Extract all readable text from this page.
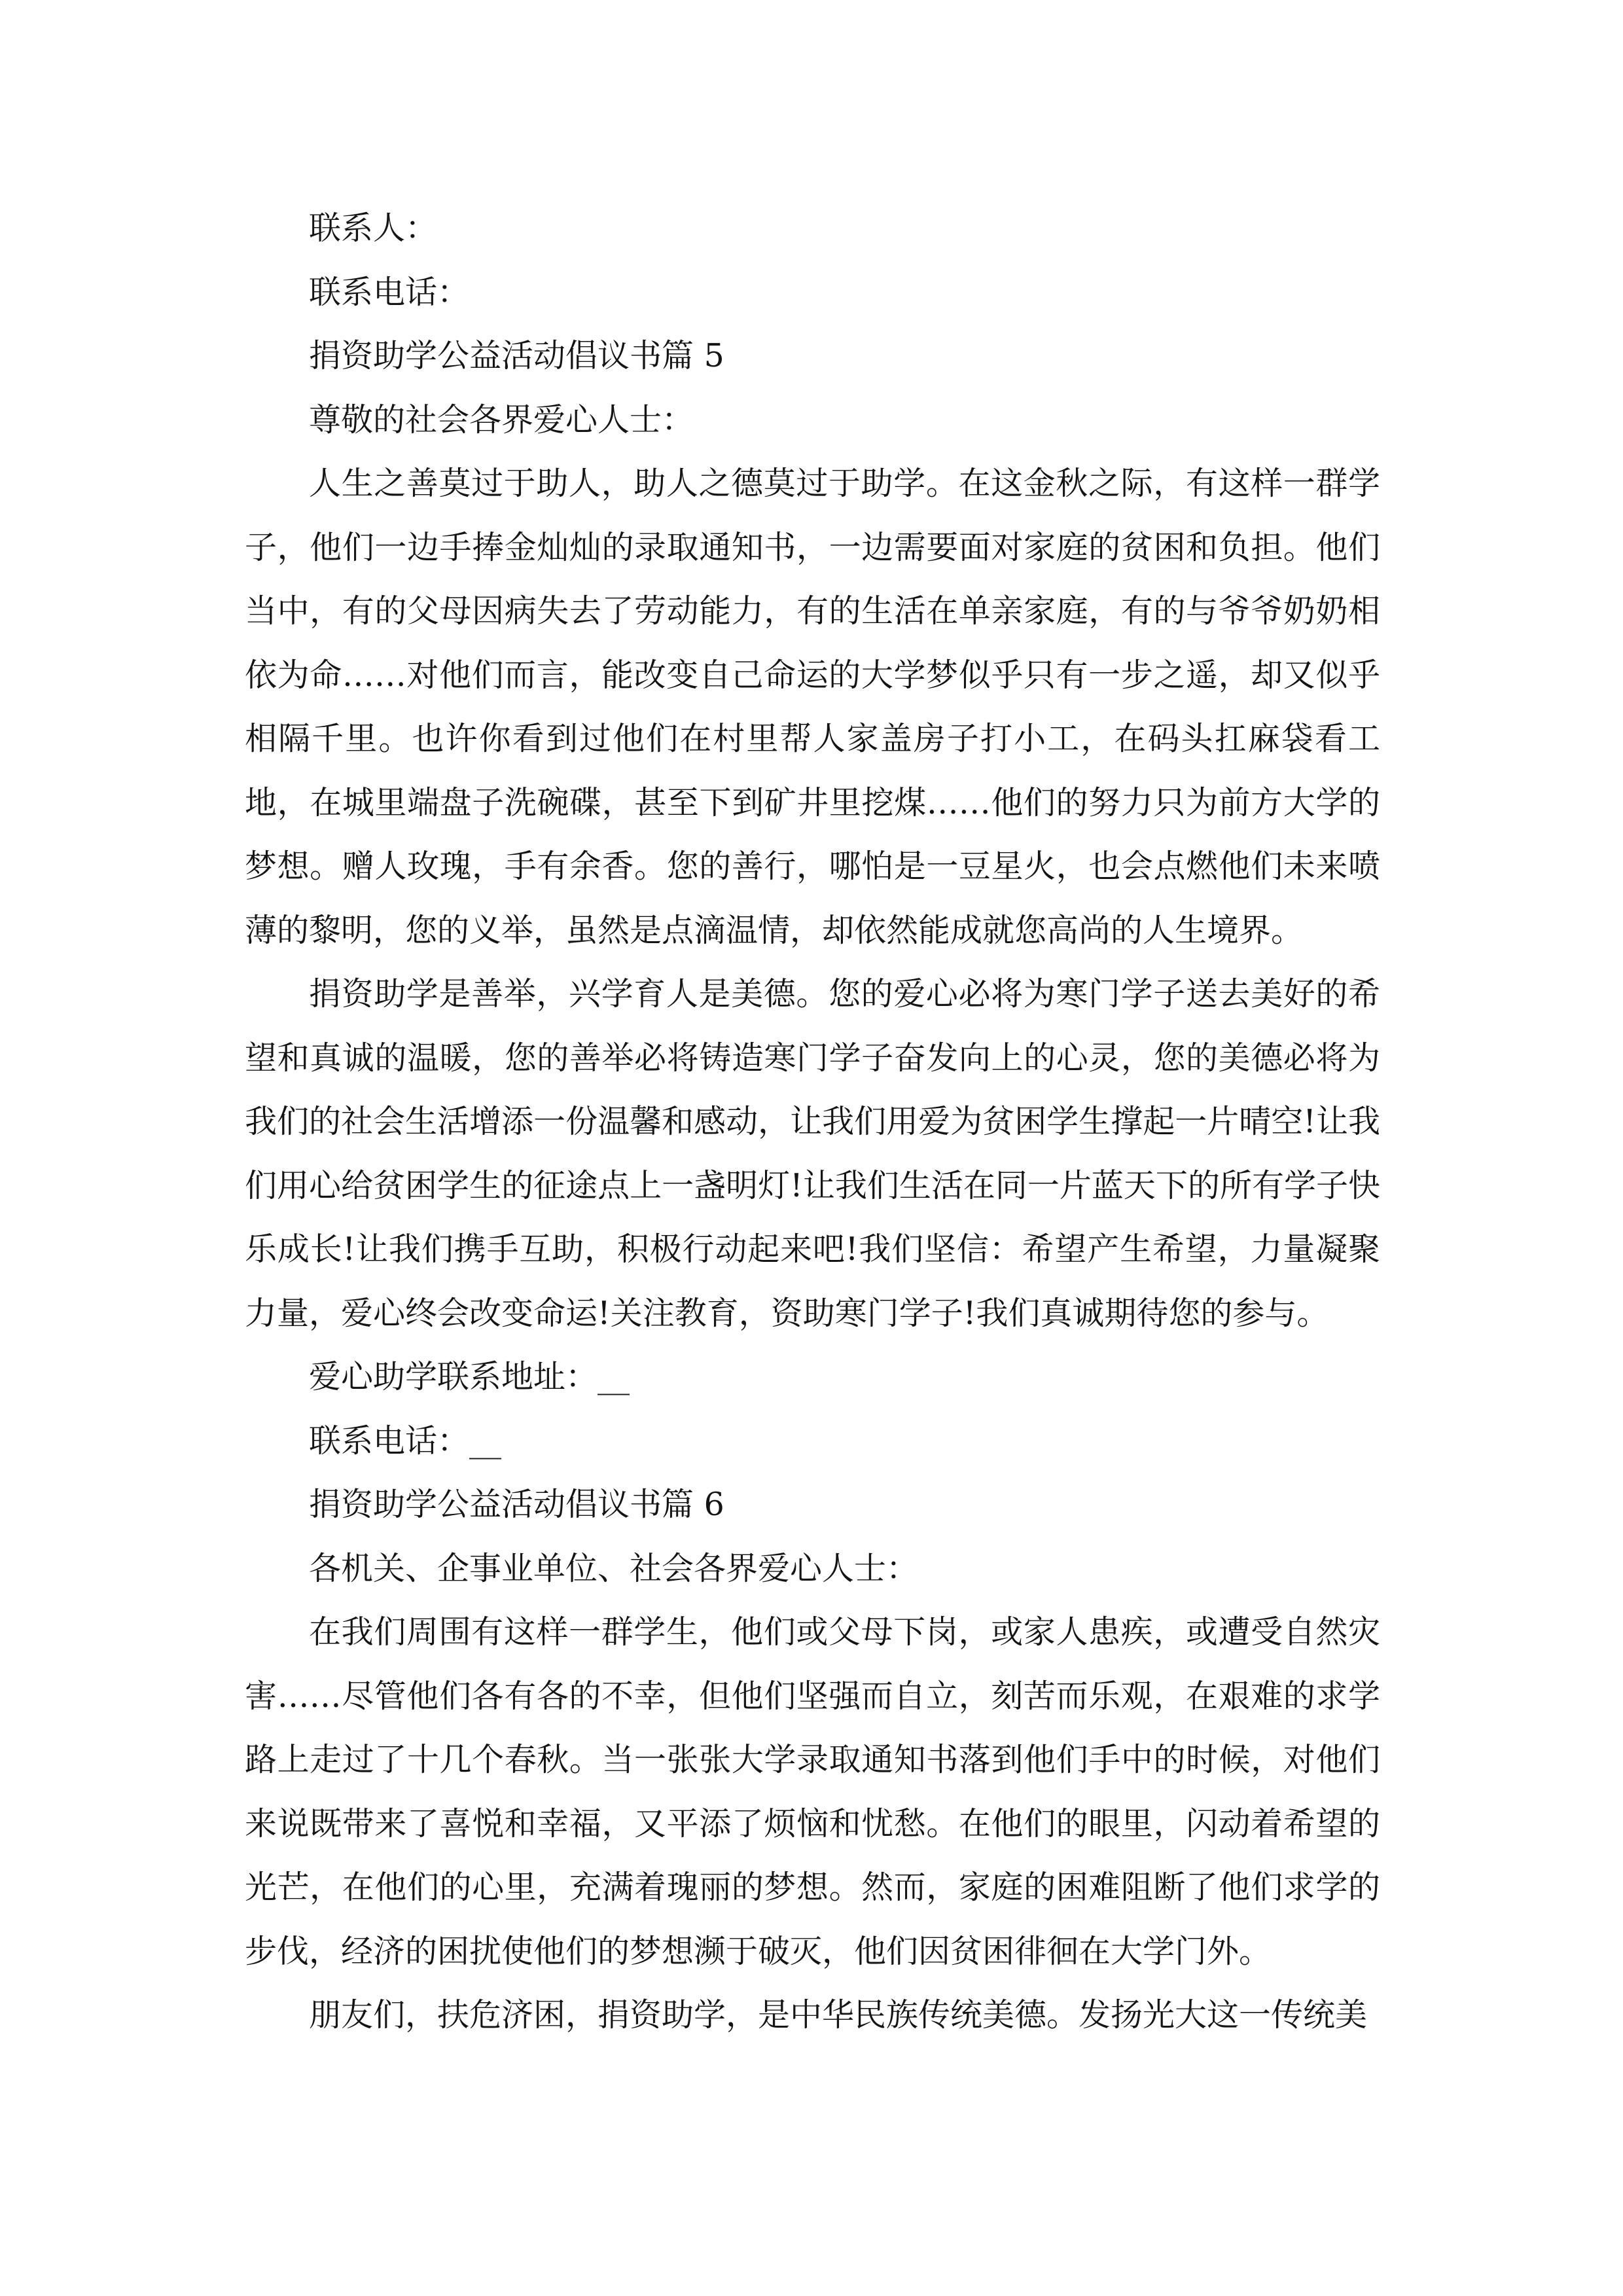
联系人：

联系电话：

捐资助学公益活动倡议书篇 5

尊敬的社会各界爱心人士：

人生之善莫过于助人，助人之德莫过于助学。在这金秋之际，有这样一群学子，他们一边手捧金灿灿的录取通知书，一边需要面对家庭的贫困和负担。他们当中，有的父母因病失去了劳动能力，有的生活在单亲家庭，有的与爷爷奶奶相依为命……对他们而言，能改变自己命运的大学梦似乎只有一步之遥，却又似乎相隔千里。也许你看到过他们在村里帮人家盖房子打小工，在码头扛麻袋看工地，在城里端盘子洗碗碟，甚至下到矿井里挖煤……他们的努力只为前方大学的梦想。赠人玫瑰，手有余香。您的善行，哪怕是一豆星火，也会点燃他们未来喷薄的黎明，您的义举，虽然是点滴温情，却依然能成就您高尚的人生境界。

捐资助学是善举，兴学育人是美德。您的爱心必将为寒门学子送去美好的希望和真诚的温暖，您的善举必将铸造寒门学子奋发向上的心灵，您的美德必将为我们的社会生活增添一份温馨和感动，让我们用爱为贫困学生撑起一片晴空!让我们用心给贫困学生的征途点上一盏明灯!让我们生活在同一片蓝天下的所有学子快乐成长!让我们携手互助，积极行动起来吧!我们坚信：希望产生希望，力量凝聚力量，爱心终会改变命运!关注教育，资助寒门学子!我们真诚期待您的参与。

爱心助学联系地址：__

联系电话：__

捐资助学公益活动倡议书篇 6

各机关、企事业单位、社会各界爱心人士：

在我们周围有这样一群学生，他们或父母下岗，或家人患疾，或遭受自然灾害……尽管他们各有各的不幸，但他们坚强而自立，刻苦而乐观，在艰难的求学路上走过了十几个春秋。当一张张大学录取通知书落到他们手中的时候，对他们来说既带来了喜悦和幸福，又平添了烦恼和忧愁。在他们的眼里，闪动着希望的光芒，在他们的心里，充满着瑰丽的梦想。然而，家庭的困难阻断了他们求学的步伐，经济的困扰使他们的梦想濒于破灭，他们因贫困徘徊在大学门外。

朋友们，扶危济困，捐资助学，是中华民族传统美德。发扬光大这一传统美
